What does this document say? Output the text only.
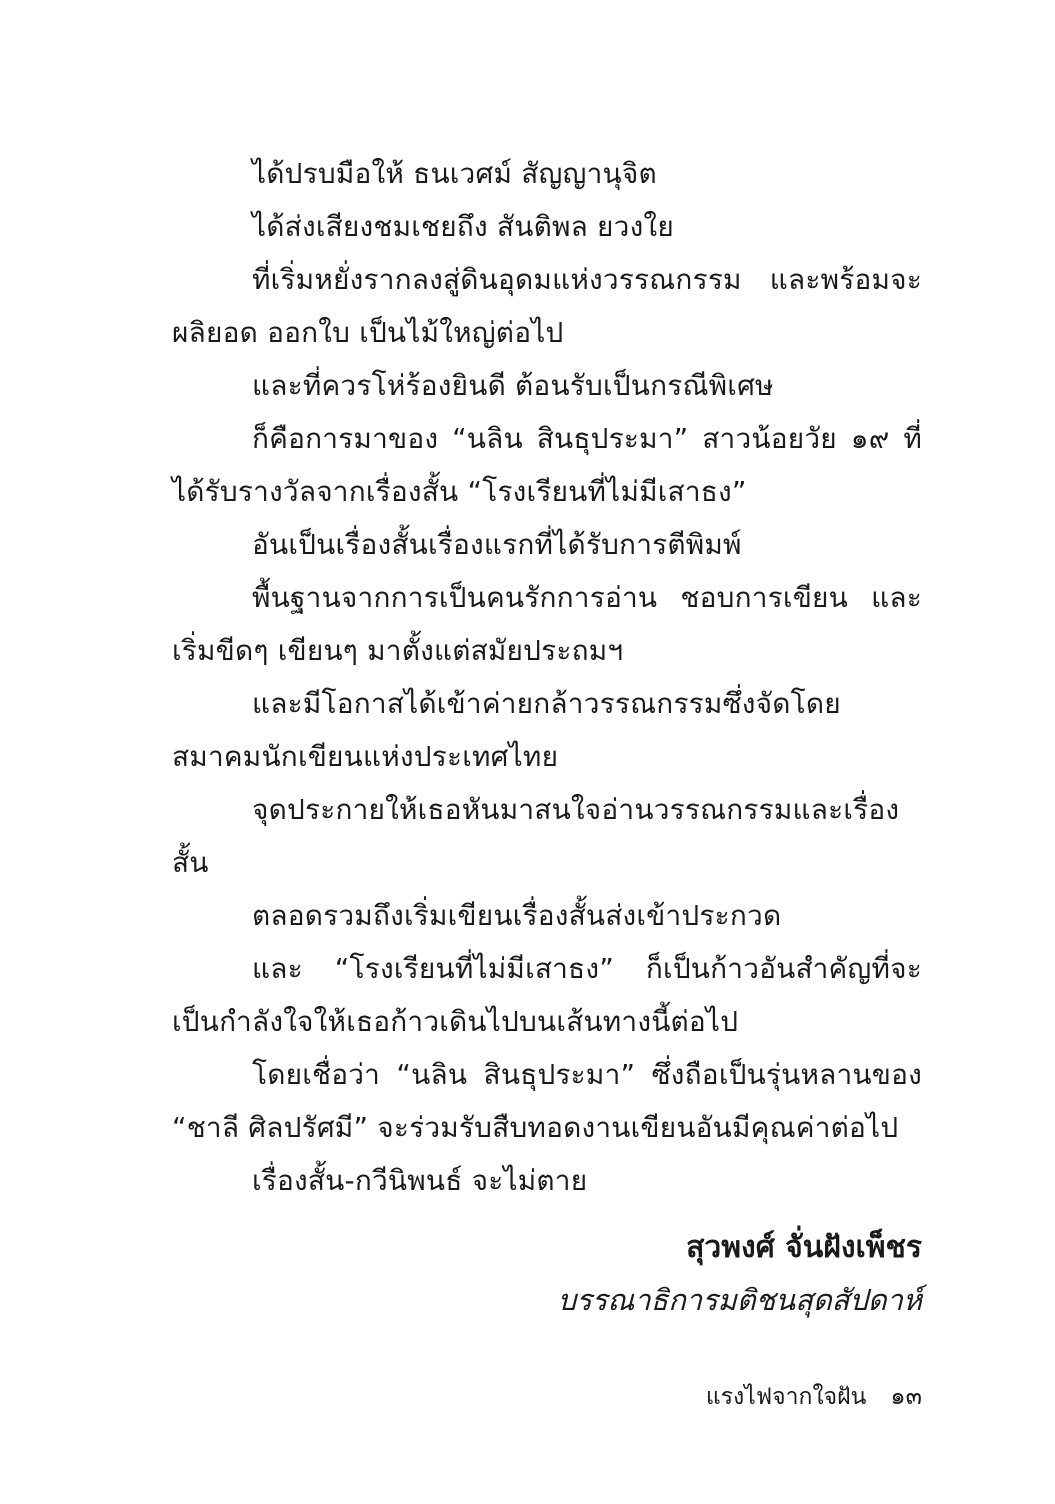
ได้ปรบมือให้ ธนเวศม์ สัญญานุจิต

ได้ส่งเสียงชมเชยถึง สันติพล ยวงใย

ที่เริ่มหยั่งรากลงสู่ดินอุดมแห่งวรรณกรรม และพร้อมจะผลิยอด ออกใบ เป็นไม้ใหญ่ต่อไป

และที่ควรโห่ร้องยินดี ต้อนรับเป็นกรณีพิเศษ

ก็คือการมาของ “นลิน สินธุประมา” สาวน้อยวัย ๑๙ ที่ได้รับรางวัลจากเรื่องสั้น “โรงเรียนที่ไม่มีเสาธง”

อันเป็นเรื่องสั้นเรื่องแรกที่ได้รับการตีพิมพ์

พื้นฐานจากการเป็นคนรักการอ่าน ชอบการเขียน และเริ่มขีดๆ เขียนๆ มาตั้งแต่สมัยประถมฯ

และมีโอกาสได้เข้าค่ายกล้าวรรณกรรมซึ่งจัดโดยสมาคมนักเขียนแห่งประเทศไทย

จุดประกายให้เธอหันมาสนใจอ่านวรรณกรรมและเรื่องสั้น

ตลอดรวมถึงเริ่มเขียนเรื่องสั้นส่งเข้าประกวด

และ “โรงเรียนที่ไม่มีเสาธง” ก็เป็นก้าวอันสำคัญที่จะเป็นกำลังใจให้เธอก้าวเดินไปบนเส้นทางนี้ต่อไป

โดยเชื่อว่า “นลิน สินธุประมา” ซึ่งถือเป็นรุ่นหลานของ “ชาลี ศิลปรัศมี” จะร่วมรับสืบทอดงานเขียนอันมีคุณค่าต่อไป

เรื่องสั้น-กวีนิพนธ์ จะไม่ตาย

สุวพงศ์ จั่นฝังเพ็ชร
บรรณาธิการมติชนสุดสัปดาห์
แรงไฟจากใจฝัน ๑๓
